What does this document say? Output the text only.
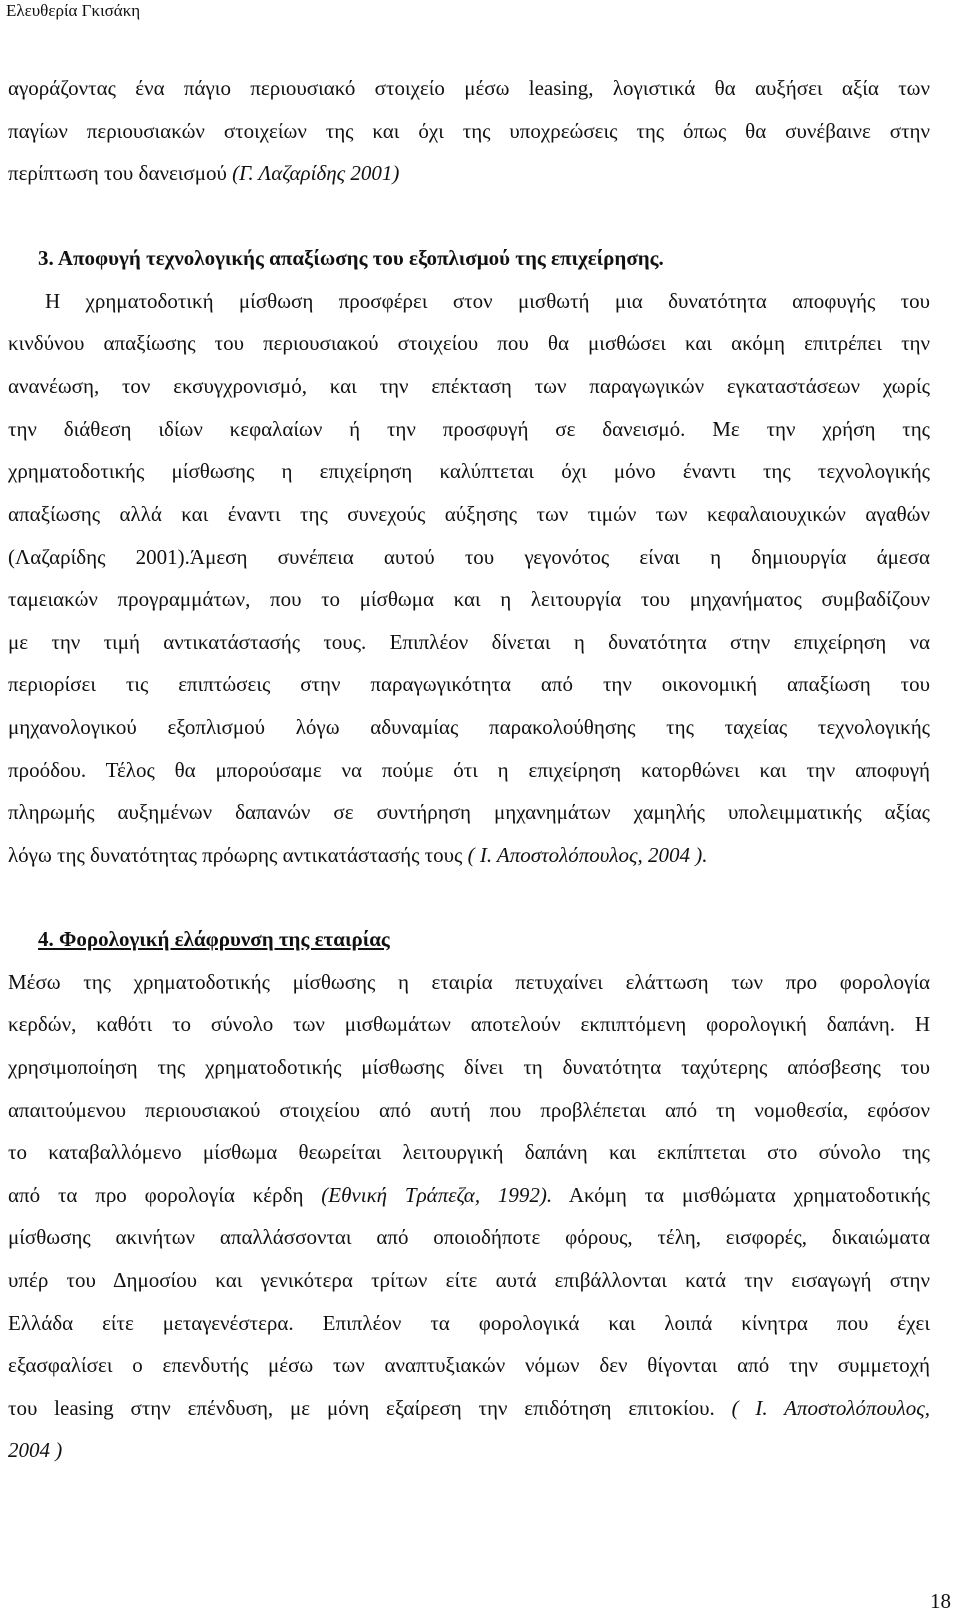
Ελευθερία Γκισάκη
αγοράζοντας ένα πάγιο περιουσιακό στοιχείο μέσω leasing, λογιστικά θα αυξήσει αξία των
παγίων περιουσιακών στοιχείων της και όχι της υποχρεώσεις της όπως θα συνέβαινε στην
περίπτωση του δανεισμού (Γ. Λαζαρίδης 2001)
3. Αποφυγή τεχνολογικής απαξίωσης του εξοπλισμού της επιχείρησης.
Η χρηματοδοτική μίσθωση προσφέρει στον μισθωτή μια δυνατότητα αποφυγής του
κινδύνου απαξίωσης του περιουσιακού στοιχείου που θα μισθώσει και ακόμη επιτρέπει την
ανανέωση, τον εκσυγχρονισμό, και την επέκταση των παραγωγικών εγκαταστάσεων χωρίς
την διάθεση ιδίων κεφαλαίων ή την προσφυγή σε δανεισμό. Με την χρήση της
χρηματοδοτικής μίσθωσης η επιχείρηση καλύπτεται όχι μόνο έναντι της τεχνολογικής
απαξίωσης αλλά και έναντι της συνεχούς αύξησης των τιμών των κεφαλαιουχικών αγαθών
(Λαζαρίδης 2001).Άμεση συνέπεια αυτού του γεγονότος είναι η δημιουργία άμεσα
ταμειακών προγραμμάτων, που το μίσθωμα και η λειτουργία του μηχανήματος συμβαδίζουν
με την τιμή αντικατάστασής τους. Επιπλέον δίνεται η δυνατότητα στην επιχείρηση να
περιορίσει τις επιπτώσεις στην παραγωγικότητα από την οικονομική απαξίωση του
μηχανολογικού εξοπλισμού λόγω αδυναμίας παρακολούθησης της ταχείας τεχνολογικής
προόδου. Τέλος θα μπορούσαμε να πούμε ότι η επιχείρηση κατορθώνει και την αποφυγή
πληρωμής αυξημένων δαπανών σε συντήρηση μηχανημάτων χαμηλής υπολειμματικής αξίας
λόγω της δυνατότητας πρόωρης αντικατάστασής τους ( Ι. Αποστολόπουλος, 2004 ).
4. Φορολογική ελάφρυνση της εταιρίας
Μέσω της χρηματοδοτικής μίσθωσης η εταιρία πετυχαίνει ελάττωση των προ φορολογία
κερδών, καθότι το σύνολο των μισθωμάτων αποτελούν εκπιπτόμενη φορολογική δαπάνη. Η
χρησιμοποίηση της χρηματοδοτικής μίσθωσης δίνει τη δυνατότητα ταχύτερης απόσβεσης του
απαιτούμενου περιουσιακού στοιχείου από αυτή που προβλέπεται από τη νομοθεσία, εφόσον
το καταβαλλόμενο μίσθωμα θεωρείται λειτουργική δαπάνη και εκπίπτεται στο σύνολο της
από τα προ φορολογία κέρδη (Εθνική Τράπεζα, 1992). Ακόμη τα μισθώματα χρηματοδοτικής
μίσθωσης ακινήτων απαλλάσσονται από οποιοδήποτε φόρους, τέλη, εισφορές, δικαιώματα
υπέρ του Δημοσίου και γενικότερα τρίτων είτε αυτά επιβάλλονται κατά την εισαγωγή στην
Ελλάδα είτε μεταγενέστερα. Επιπλέον τα φορολογικά και λοιπά κίνητρα που έχει
εξασφαλίσει ο επενδυτής μέσω των αναπτυξιακών νόμων δεν θίγονται από την συμμετοχή
του leasing στην επένδυση, με μόνη εξαίρεση την επιδότηση επιτοκίου. ( Ι. Αποστολόπουλος,
2004 )
18
